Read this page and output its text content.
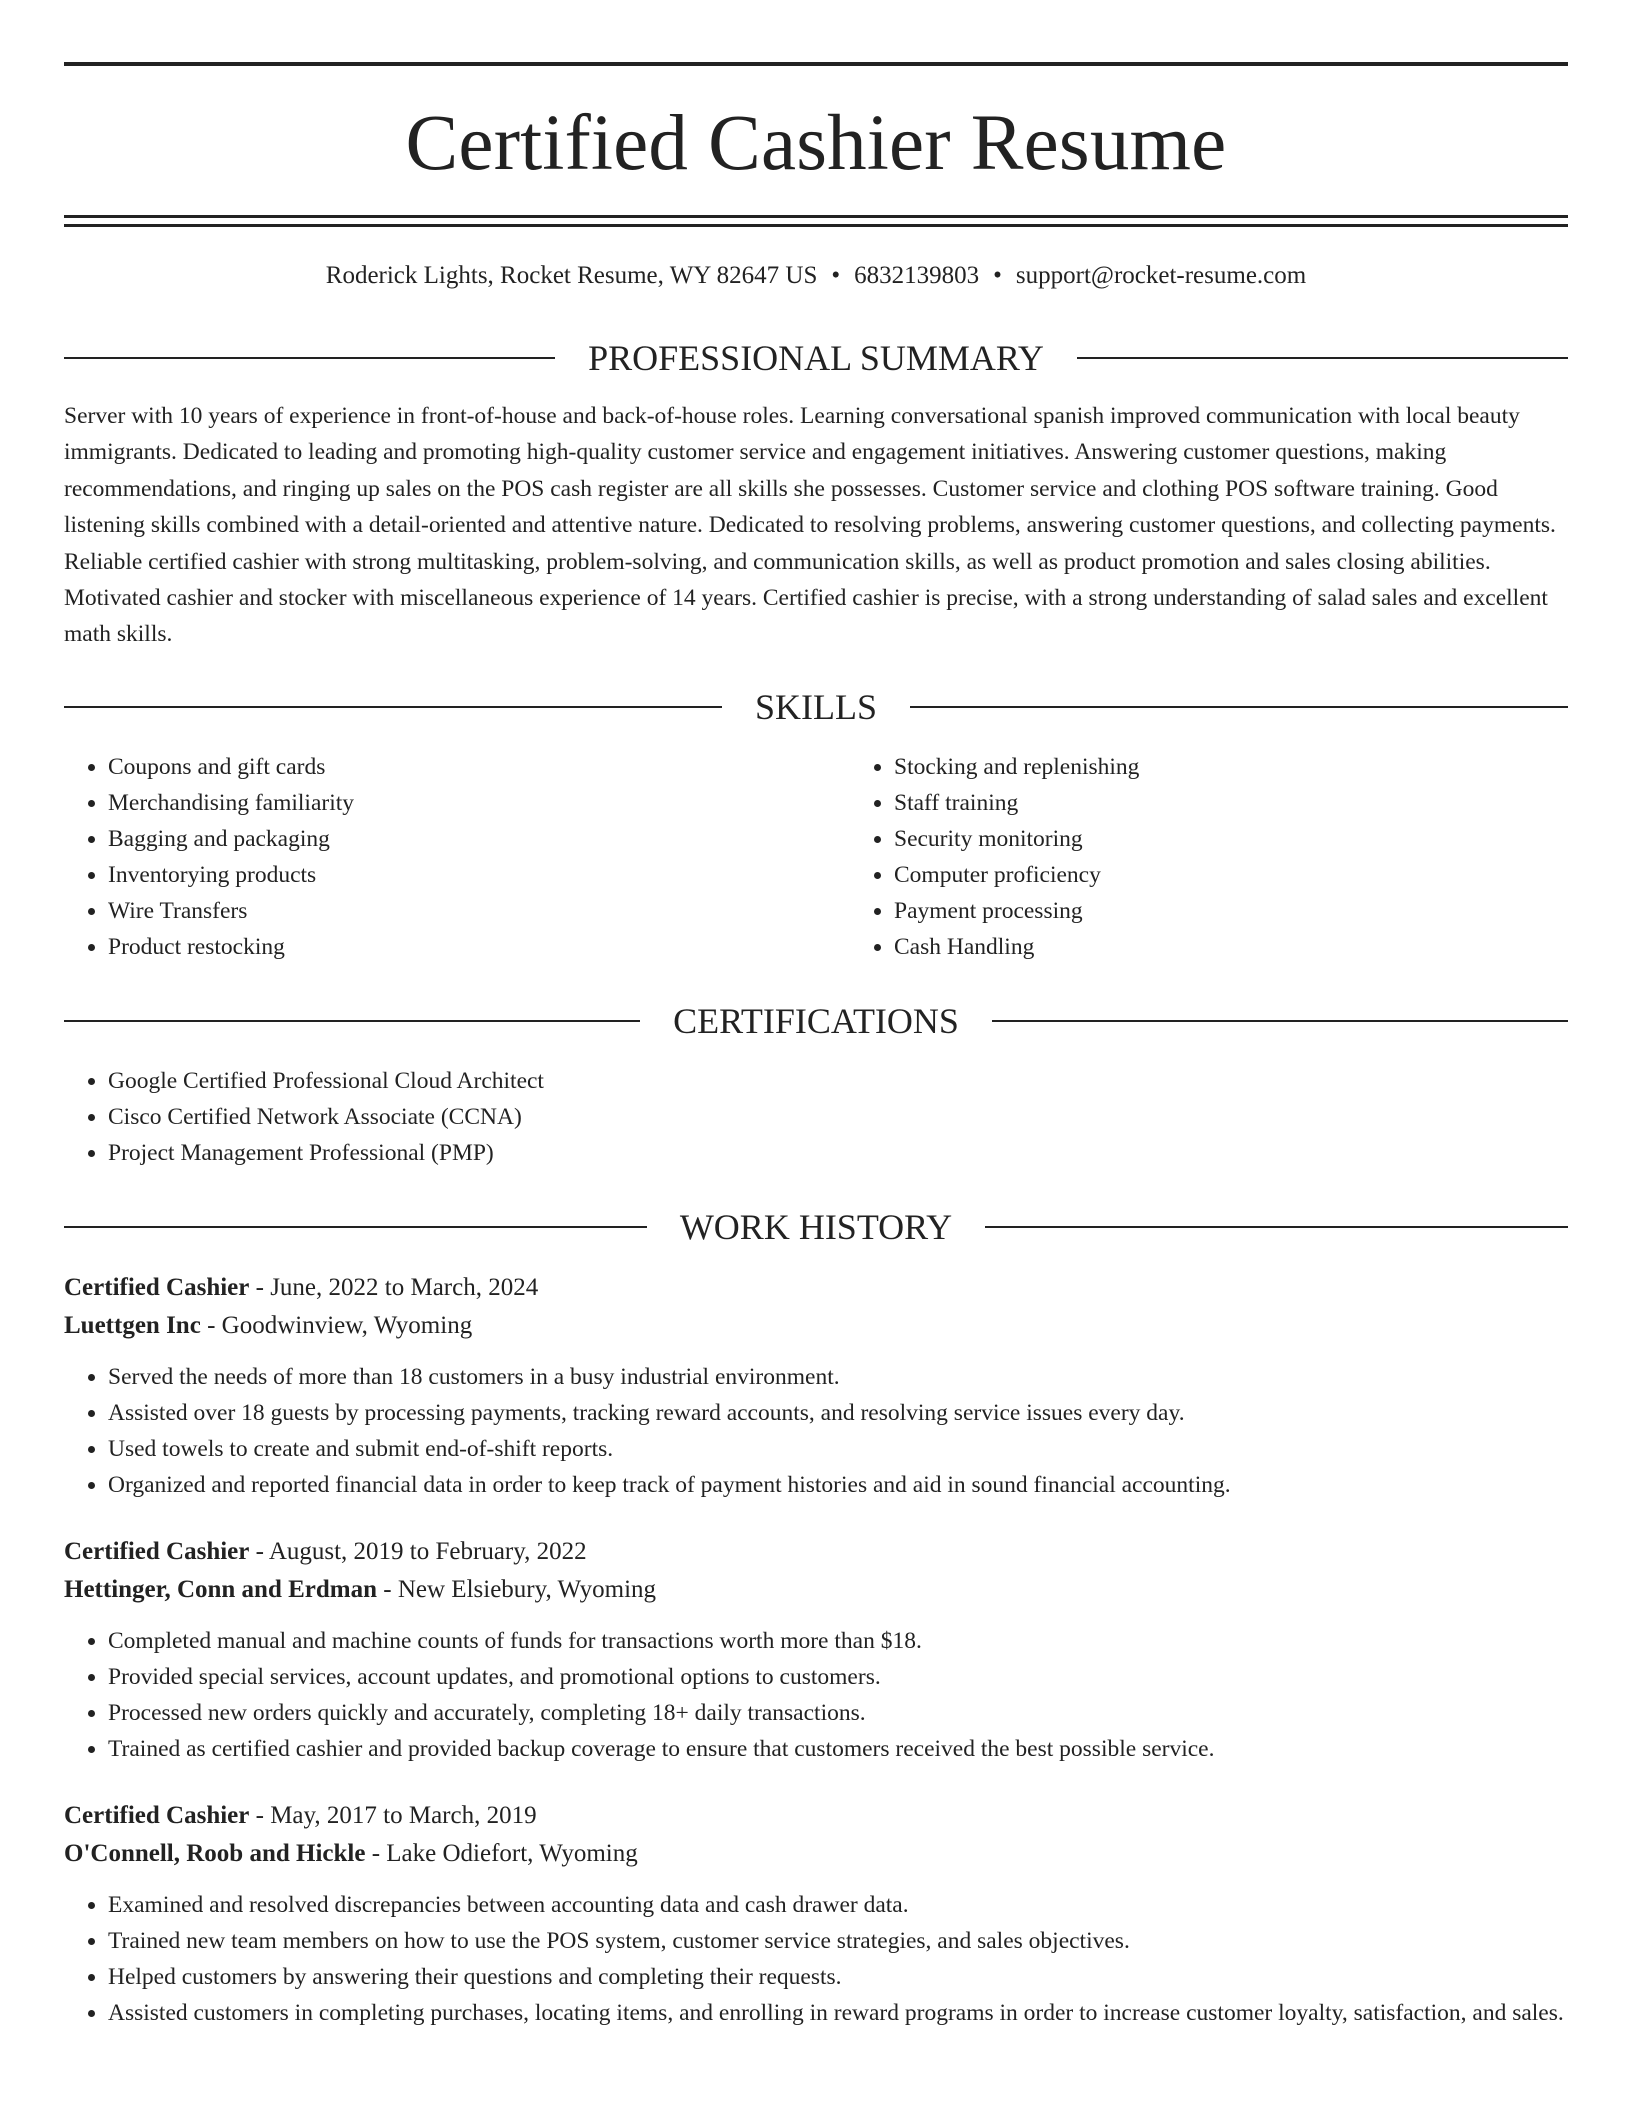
Certified Cashier Resume
Roderick Lights, Rocket Resume, WY 82647 US • 6832139803 • support@rocket-resume.com
PROFESSIONAL SUMMARY

Server with 10 years of experience in front-of-house and back-of-house roles. Learning conversational spanish improved communication with local beauty immigrants. Dedicated to leading and promoting high-quality customer service and engagement initiatives. Answering customer questions, making recommendations, and ringing up sales on the POS cash register are all skills she possesses. Customer service and clothing POS software training. Good listening skills combined with a detail-oriented and attentive nature. Dedicated to resolving problems, answering customer questions, and collecting payments. Reliable certified cashier with strong multitasking, problem-solving, and communication skills, as well as product promotion and sales closing abilities. Motivated cashier and stocker with miscellaneous experience of 14 years. Certified cashier is precise, with a strong understanding of salad sales and excellent math skills.

SKILLS
• Coupons and gift cards
• Merchandising familiarity
• Bagging and packaging
• Inventorying products
• Wire Transfers
• Product restocking
• Stocking and replenishing
• Staff training
• Security monitoring
• Computer proficiency
• Payment processing
• Cash Handling
CERTIFICATIONS
• Google Certified Professional Cloud Architect
• Cisco Certified Network Associate (CCNA)
• Project Management Professional (PMP)
WORK HISTORY
Certified Cashier - June, 2022 to March, 2024
Luettgen Inc - Goodwinview, Wyoming
• Served the needs of more than 18 customers in a busy industrial environment.
• Assisted over 18 guests by processing payments, tracking reward accounts, and resolving service issues every day.
• Used towels to create and submit end-of-shift reports.
• Organized and reported financial data in order to keep track of payment histories and aid in sound financial accounting.
Certified Cashier - August, 2019 to February, 2022
Hettinger, Conn and Erdman - New Elsiebury, Wyoming
• Completed manual and machine counts of funds for transactions worth more than $18.
• Provided special services, account updates, and promotional options to customers.
• Processed new orders quickly and accurately, completing 18+ daily transactions.
• Trained as certified cashier and provided backup coverage to ensure that customers received the best possible service.
Certified Cashier - May, 2017 to March, 2019
O'Connell, Roob and Hickle - Lake Odiefort, Wyoming
• Examined and resolved discrepancies between accounting data and cash drawer data.
• Trained new team members on how to use the POS system, customer service strategies, and sales objectives.
• Helped customers by answering their questions and completing their requests.
• Assisted customers in completing purchases, locating items, and enrolling in reward programs in order to increase customer loyalty, satisfaction, and sales.
